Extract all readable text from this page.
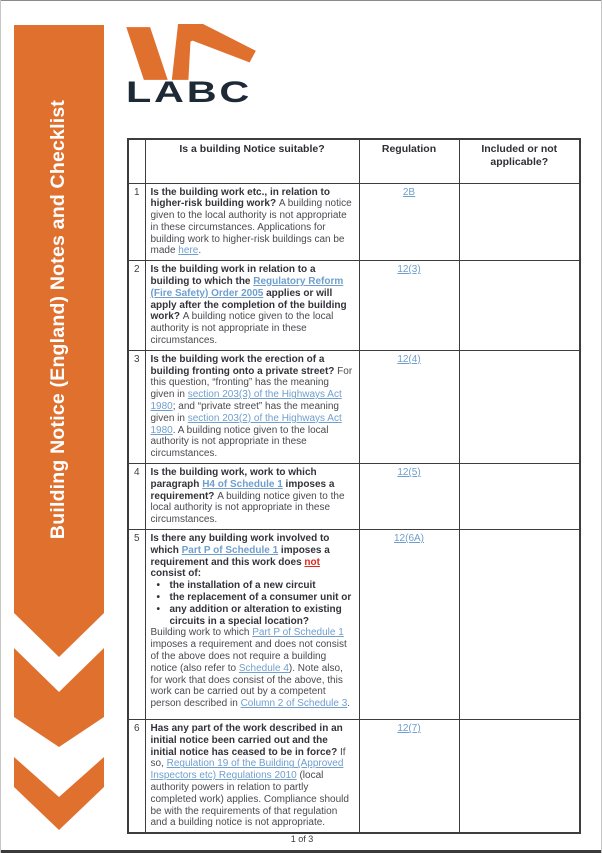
Building Notice (England) Notes and Checklist
LABC
	Is a building Notice suitable?	Regulation	Included or not applicable?
1	Is the building work etc., in relation to higher-risk building work? A building notice given to the local authority is not appropriate in these circumstances. Applications for building work to higher-risk buildings can be made here.	2B	
2	Is the building work in relation to a building to which the Regulatory Reform (Fire Safety) Order 2005 applies or will apply after the completion of the building work? A building notice given to the local authority is not appropriate in these circumstances.	12(3)	
3	Is the building work the erection of a building fronting onto a private street? For this question, “fronting” has the meaning given in section 203(3) of the Highways Act 1980; and “private street” has the meaning given in section 203(2) of the Highways Act 1980. A building notice given to the local authority is not appropriate in these circumstances.	12(4)	
4	Is the building work, work to which paragraph H4 of Schedule 1 imposes a requirement? A building notice given to the local authority is not appropriate in these circumstances.	12(5)	
5	Is there any building work involved to which Part P of Schedule 1 imposes a requirement and this work does not consist of:
• the installation of a new circuit
• the replacement of a consumer unit or
• any addition or alteration to existing circuits in a special location?
Building work to which Part P of Schedule 1 imposes a requirement and does not consist of the above does not require a building notice (also refer to Schedule 4). Note also, for work that does consist of the above, this work can be carried out by a competent person described in Column 2 of Schedule 3.
	12(6A)	
6	Has any part of the work described in an initial notice been carried out and the initial notice has ceased to be in force? If so, Regulation 19 of the Building (Approved Inspectors etc) Regulations 2010 (local authority powers in relation to partly completed work) applies. Compliance should be with the requirements of that regulation and a building notice is not appropriate.	12(7)	
1 of 3
